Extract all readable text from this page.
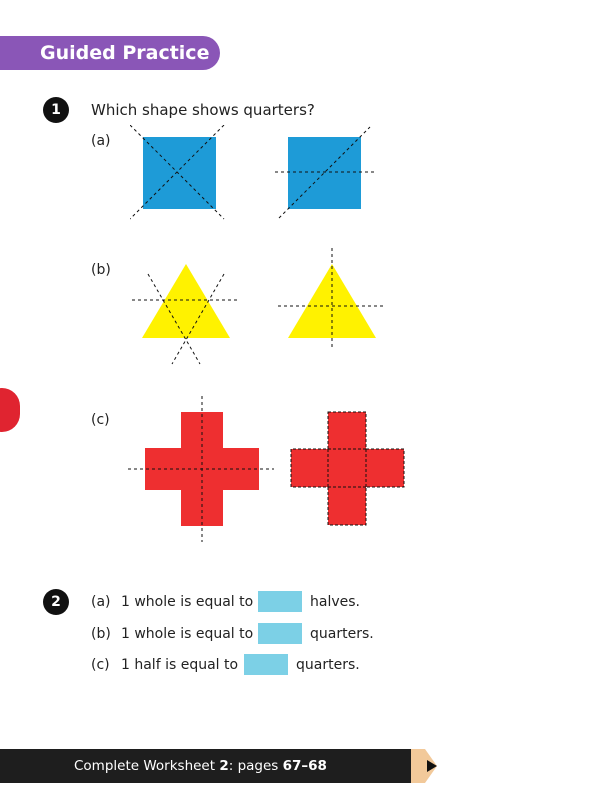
Guided Practice
1	Which shape shows quarters?
(a)
(b)
(c)
2	(a) 1 whole is equal to	halves.
(b) 1 whole is equal to	quarters.
(c) 1 half is equal to	quarters.
Complete Worksheet 2: pages 67–68
